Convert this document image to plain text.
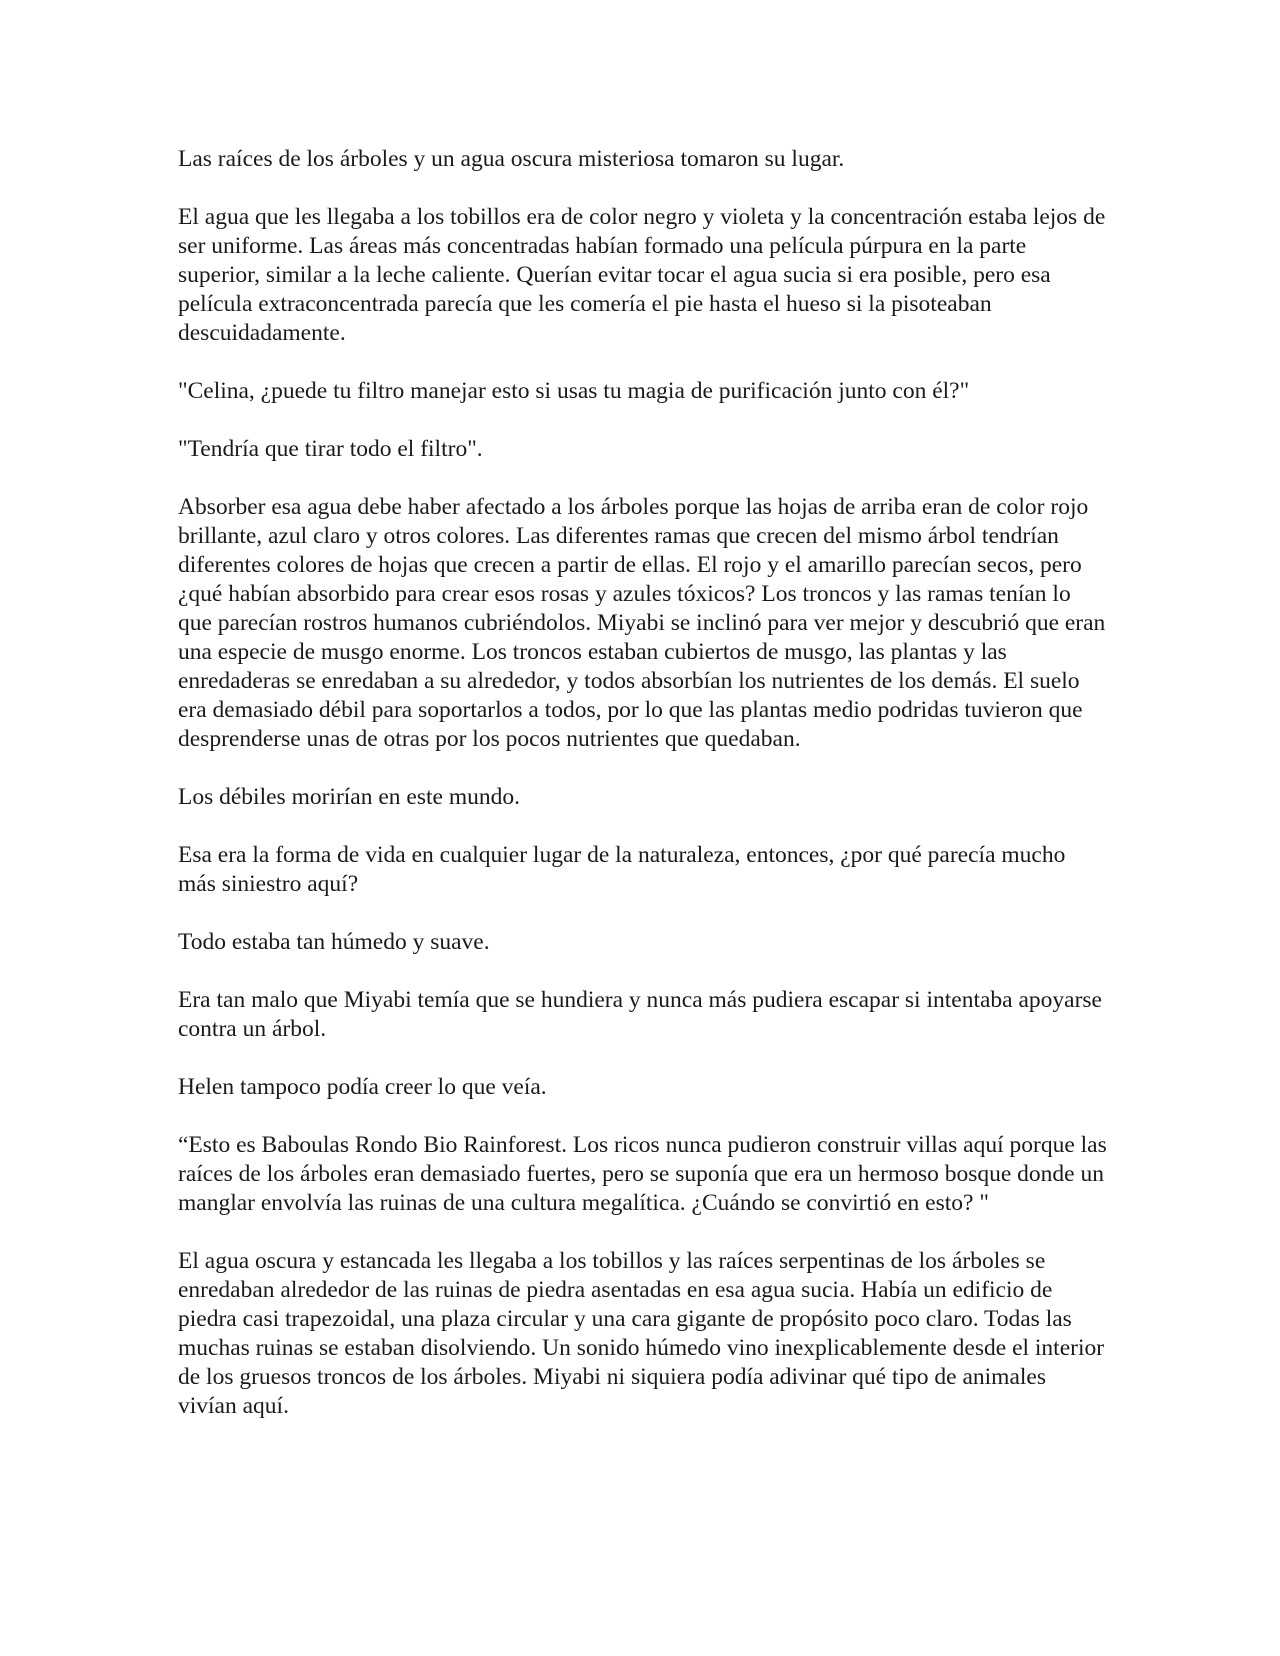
Las raíces de los árboles y un agua oscura misteriosa tomaron su lugar.

El agua que les llegaba a los tobillos era de color negro y violeta y la concentración estaba lejos de ser uniforme. Las áreas más concentradas habían formado una película púrpura en la parte superior, similar a la leche caliente. Querían evitar tocar el agua sucia si era posible, pero esa película extraconcentrada parecía que les comería el pie hasta el hueso si la pisoteaban descuidadamente.

"Celina, ¿puede tu filtro manejar esto si usas tu magia de purificación junto con él?"

"Tendría que tirar todo el filtro".

Absorber esa agua debe haber afectado a los árboles porque las hojas de arriba eran de color rojo brillante, azul claro y otros colores. Las diferentes ramas que crecen del mismo árbol tendrían diferentes colores de hojas que crecen a partir de ellas. El rojo y el amarillo parecían secos, pero ¿qué habían absorbido para crear esos rosas y azules tóxicos? Los troncos y las ramas tenían lo que parecían rostros humanos cubriéndolos. Miyabi se inclinó para ver mejor y descubrió que eran una especie de musgo enorme. Los troncos estaban cubiertos de musgo, las plantas y las enredaderas se enredaban a su alrededor, y todos absorbían los nutrientes de los demás. El suelo era demasiado débil para soportarlos a todos, por lo que las plantas medio podridas tuvieron que desprenderse unas de otras por los pocos nutrientes que quedaban.

Los débiles morirían en este mundo.

Esa era la forma de vida en cualquier lugar de la naturaleza, entonces, ¿por qué parecía mucho más siniestro aquí?

Todo estaba tan húmedo y suave.

Era tan malo que Miyabi temía que se hundiera y nunca más pudiera escapar si intentaba apoyarse contra un árbol.

Helen tampoco podía creer lo que veía.

“Esto es Baboulas Rondo Bio Rainforest. Los ricos nunca pudieron construir villas aquí porque las raíces de los árboles eran demasiado fuertes, pero se suponía que era un hermoso bosque donde un manglar envolvía las ruinas de una cultura megalítica. ¿Cuándo se convirtió en esto? "

El agua oscura y estancada les llegaba a los tobillos y las raíces serpentinas de los árboles se enredaban alrededor de las ruinas de piedra asentadas en esa agua sucia. Había un edificio de piedra casi trapezoidal, una plaza circular y una cara gigante de propósito poco claro. Todas las muchas ruinas se estaban disolviendo. Un sonido húmedo vino inexplicablemente desde el interior de los gruesos troncos de los árboles. Miyabi ni siquiera podía adivinar qué tipo de animales vivían aquí.
